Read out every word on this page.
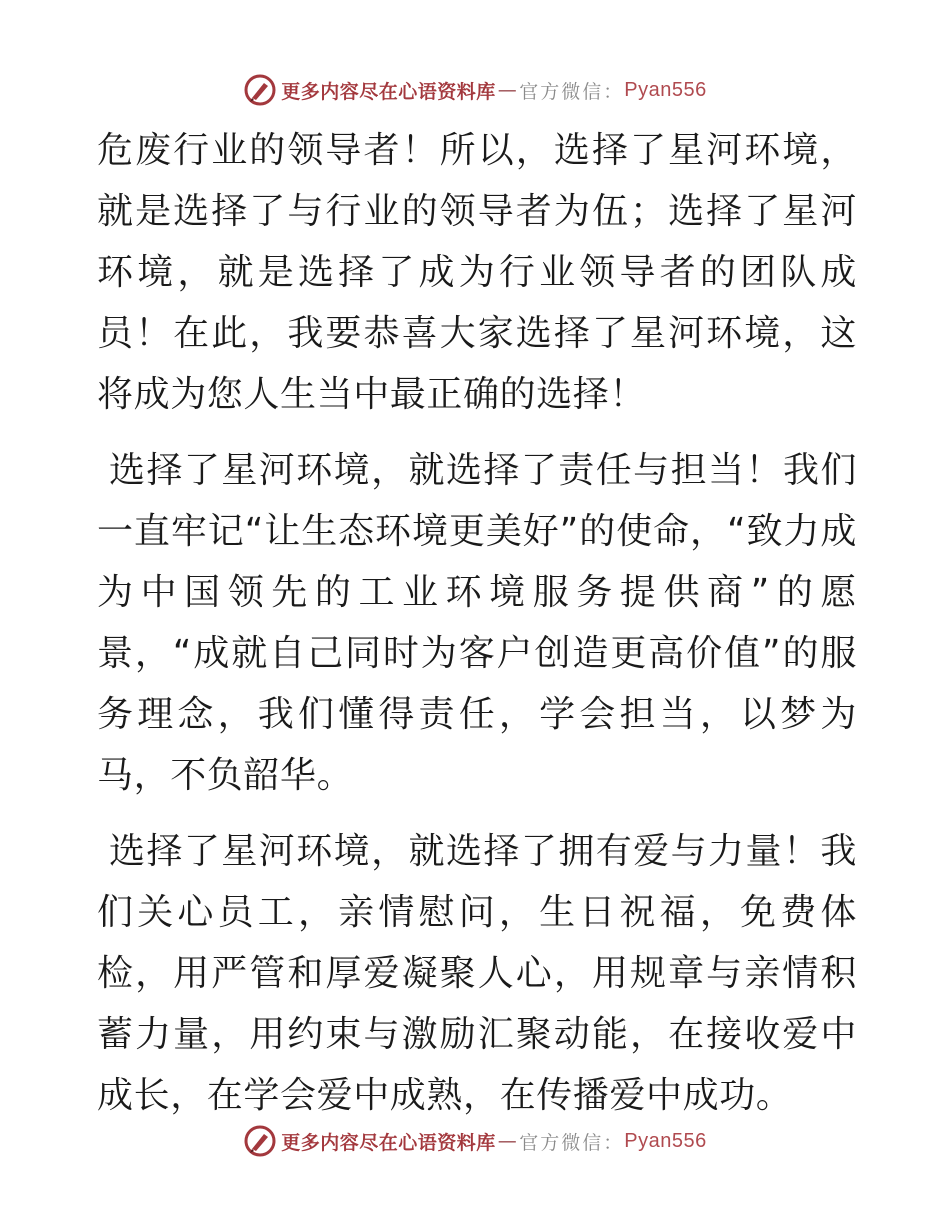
更多内容尽在心语资料库 — 官方微信： Pyan556

危废行业的领导者！所以，选择了星河环境，就是选择了与行业的领导者为伍；选择了星河环境，就是选择了成为行业领导者的团队成员！在此，我要恭喜大家选择了星河环境，这将成为您人生当中最正确的选择！

选择了星河环境，就选择了责任与担当！我们一直牢记“让生态环境更美好”的使命，“致力成为中国领先的工业环境服务提供商”的愿景，“成就自己同时为客户创造更高价值”的服务理念，我们懂得责任，学会担当，以梦为马，不负韶华。

选择了星河环境，就选择了拥有爱与力量！我们关心员工，亲情慰问，生日祝福，免费体检，用严管和厚爱凝聚人心，用规章与亲情积蓄力量，用约束与激励汇聚动能，在接收爱中成长，在学会爱中成熟，在传播爱中成功。

更多内容尽在心语资料库 — 官方微信： Pyan556
